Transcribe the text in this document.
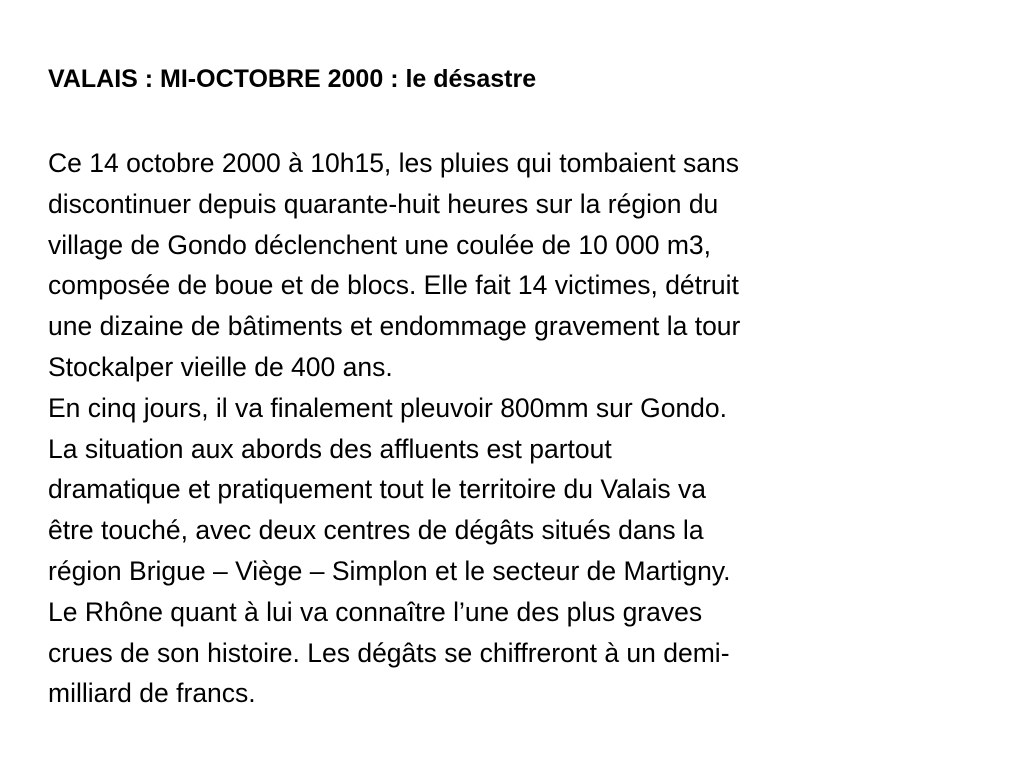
VALAIS : MI-OCTOBRE 2000 : le désastre
Ce 14 octobre 2000 à 10h15, les pluies qui tombaient sans
discontinuer depuis quarante-huit heures sur la région du
village de Gondo déclenchent une coulée de 10 000 m3,
composée de boue et de blocs. Elle fait 14 victimes, détruit
une dizaine de bâtiments et endommage gravement la tour
Stockalper vieille de 400 ans.
En cinq jours, il va finalement pleuvoir 800mm sur Gondo.
La situation aux abords des affluents est partout
dramatique et pratiquement tout le territoire du Valais va
être touché, avec deux centres de dégâts situés dans la
région Brigue – Viège – Simplon et le secteur de Martigny.
Le Rhône quant à lui va connaître l’une des plus graves
crues de son histoire. Les dégâts se chiffreront à un demi-
milliard de francs.
